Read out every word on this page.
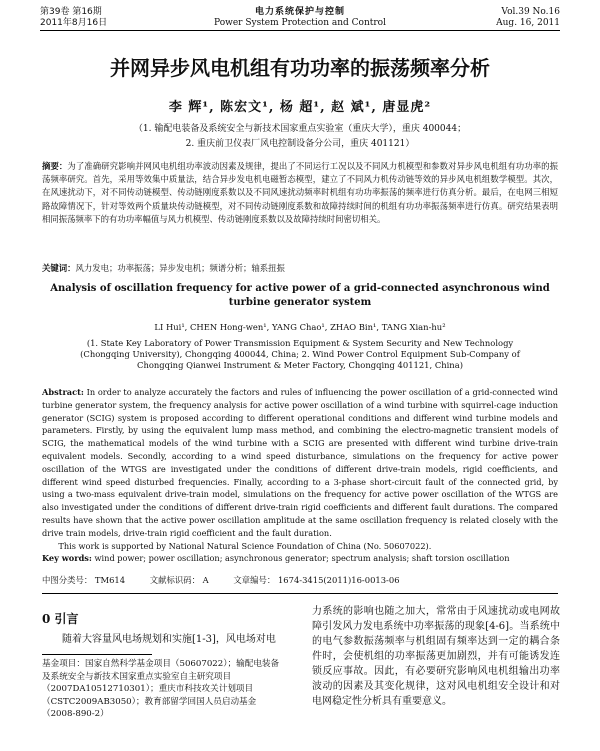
第39卷 第16期
2011年8月16日
电力系统保护与控制
Power System Protection and Control
Vol.39 No.16
Aug. 16, 2011
并网异步风电机组有功功率的振荡频率分析
李 辉¹, 陈宏文¹, 杨 超¹, 赵 斌¹, 唐显虎²
（1. 输配电装备及系统安全与新技术国家重点实验室（重庆大学），重庆 400044；
2. 重庆前卫仪表厂风电控制设备分公司，重庆 401121）
摘要：为了准确研究影响并网风电机组功率波动因素及规律，提出了不同运行工况以及不同风力机模型和参数对异步风电机组有功功率的振荡频率研究。首先，采用等效集中质量法，结合异步发电机电磁暂态模型，建立了不同风力机传动链等效的异步风电机组数学模型。其次，在风速扰动下，对不同传动链模型、传动链刚度系数以及不同风速扰动频率时机组有功功率振荡的频率进行仿真分析。最后，在电网三相短路故障情况下，针对等效两个质量块传动链模型，对不同传动链刚度系数和故障持续时间的机组有功功率振荡频率进行仿真。研究结果表明相同振荡频率下的有功功率幅值与风力机模型、传动链刚度系数以及故障持续时间密切相关。
关键词：风力发电；功率振荡；异步发电机；频谱分析；轴系扭振
Analysis of oscillation frequency for active power of a grid-connected asynchronous wind turbine generator system
LI Hui¹, CHEN Hong-wen¹, YANG Chao¹, ZHAO Bin¹, TANG Xian-hu²
(1. State Key Laboratory of Power Transmission Equipment & System Security and New Technology
(Chongqing University), Chongqing 400044, China; 2. Wind Power Control Equipment Sub-Company of
Chongqing Qianwei Instrument & Meter Factory, Chongqing 401121, China)
Abstract: In order to analyze accurately the factors and rules of influencing the power oscillation of a grid-connected wind turbine generator system, the frequency analysis for active power oscillation of a wind turbine with squirrel-cage induction generator (SCIG) system is proposed according to different operational conditions and different wind turbine models and parameters. Firstly, by using the equivalent lump mass method, and combining the electro-magnetic transient models of SCIG, the mathematical models of the wind turbine with a SCIG are presented with different wind turbine drive-train equivalent models. Secondly, according to a wind speed disturbance, simulations on the frequency for active power oscillation of the WTGS are investigated under the conditions of different drive-train models, rigid coefficients, and different wind speed disturbed frequencies. Finally, according to a 3-phase short-circuit fault of the connected grid, by using a two-mass equivalent drive-train model, simulations on the frequency for active power oscillation of the WTGS are also investigated under the conditions of different drive-train rigid coefficients and different fault durations. The compared results have shown that the active power oscillation amplitude at the same oscillation frequency is related closely with the drive train models, drive-train rigid coefficient and the fault duration.
This work is supported by National Natural Science Foundation of China (No. 50607022).
Key words: wind power; power oscillation; asynchronous generator; spectrum analysis; shaft torsion oscillation
中图分类号： TM614	文献标识码： A	文章编号： 1674-3415(2011)16-0013-06
0 引言
随着大容量风电场规划和实施[1-3]，风电场对电
基金项目：国家自然科学基金项目（50607022）；输配电装备及系统安全与新技术国家重点实验室自主研究项目（2007DA10512710301）；重庆市科技攻关计划项目（CSTC2009AB3050）；教育部留学回国人员启动基金（2008-890-2）
力系统的影响也随之加大，常常由于风速扰动或电网故障引发风力发电系统中功率振荡的现象[4-6]。当系统中的电气参数振荡频率与机组固有频率达到一定的耦合条件时，会使机组的功率振荡更加剧烈，并有可能诱发连锁反应事故。因此，有必要研究影响风电机组输出功率波动的因素及其变化规律，这对风电机组安全设计和对电网稳定性分析具有重要意义。
